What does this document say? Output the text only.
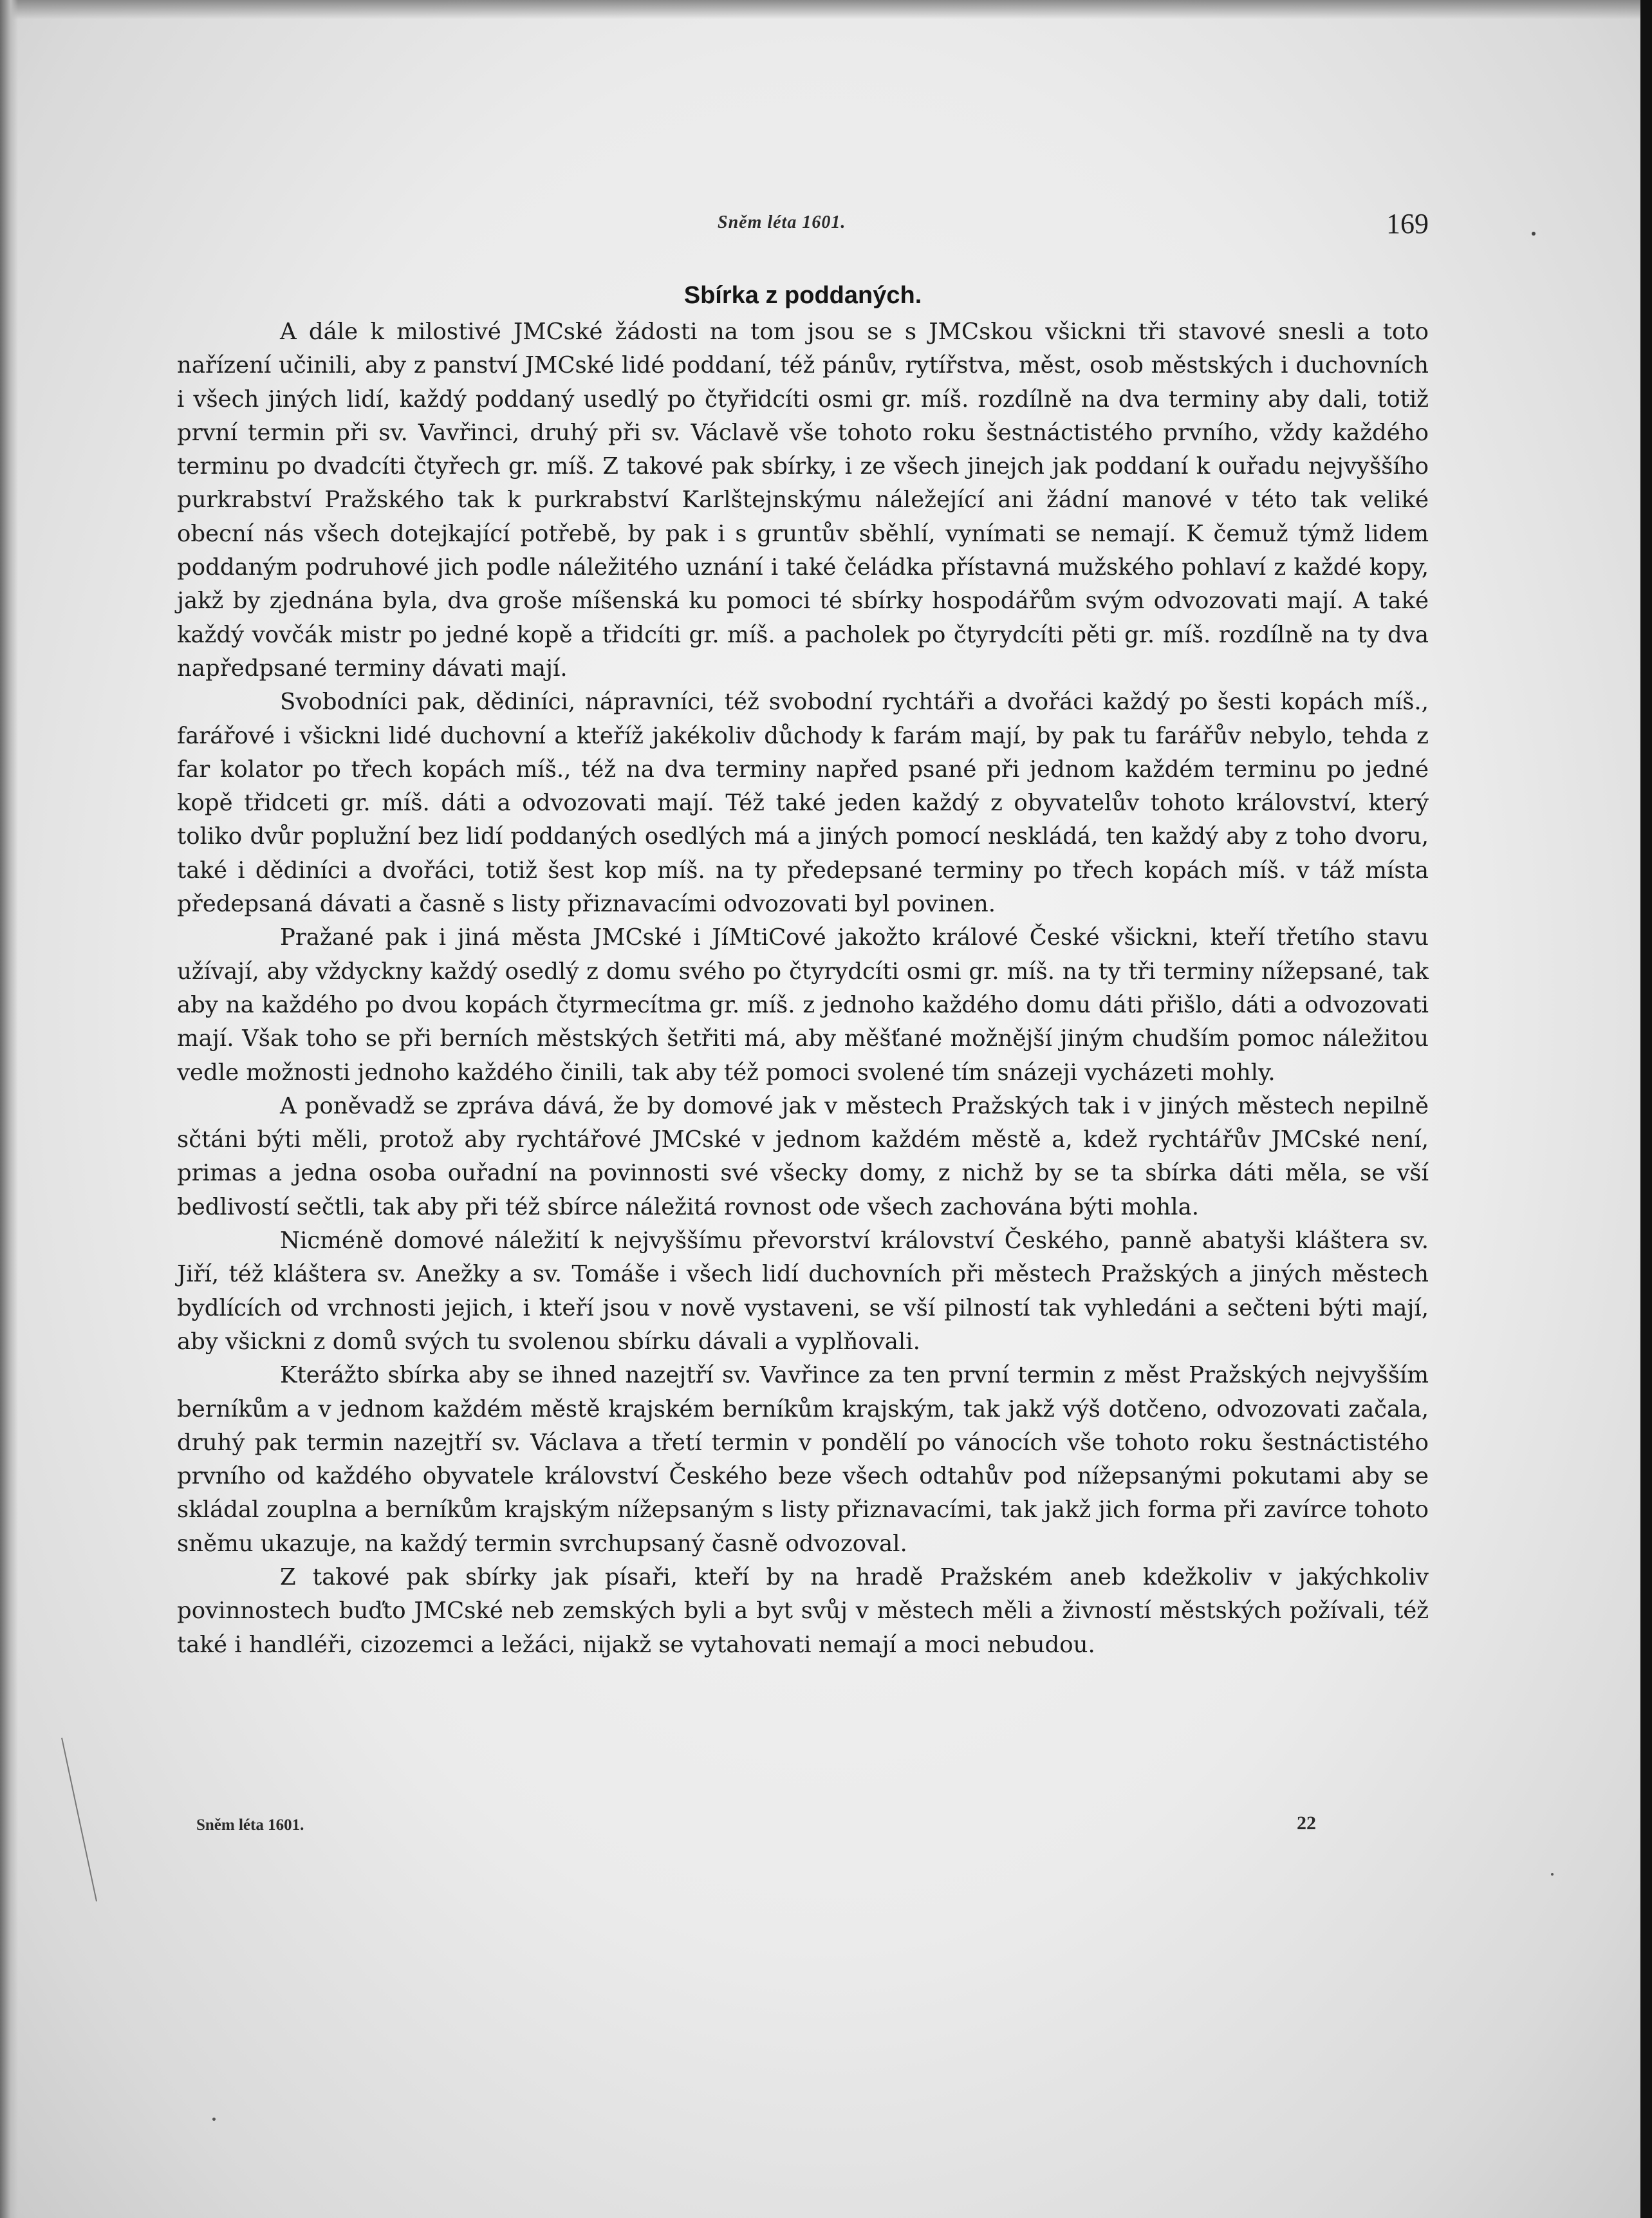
Sněm léta 1601.	169
Sbírka z poddaných.

A dále k milostivé JMCské žádosti na tom jsou se s JMCskou všickni tři stavové snesli a toto nařízení učinili, aby z panství JMCské lidé poddaní, též pánův, rytířstva, měst, osob městských i duchovních i všech jiných lidí, každý poddaný usedlý po čtyřidcíti osmi gr. míš. rozdílně na dva terminy aby dali, totiž první termin při sv. Vavřinci, druhý při sv. Václavě vše tohoto roku šestnáctistého prvního, vždy každého terminu po dvadcíti čtyřech gr. míš. Z takové pak sbírky, i ze všech jinejch jak poddaní k ouřadu nejvyššího purkrabství Pražského tak k purkrabství Karlštejnskýmu náležející ani žádní manové v této tak veliké obecní nás všech dotejkající potřebě, by pak i s gruntův sběhlí, vynímati se nemají. K čemuž týmž lidem poddaným podruhové jich podle náležitého uznání i také čeládka přístavná mužského pohlaví z každé kopy, jakž by zjednána byla, dva groše míšenská ku pomoci té sbírky hospodářům svým odvozovati mají. A také každý vovčák mistr po jedné kopě a třidcíti gr. míš. a pacholek po čtyrydcíti pěti gr. míš. rozdílně na ty dva napředpsané terminy dávati mají.

Svobodníci pak, dědiníci, nápravníci, též svobodní rychtáři a dvořáci každý po šesti kopách míš., farářové i všickni lidé duchovní a kteříž jakékoliv důchody k farám mají, by pak tu farářův nebylo, tehda z far kolator po třech kopách míš., též na dva terminy napřed psané při jednom každém terminu po jedné kopě třidceti gr. míš. dáti a odvozovati mají. Též také jeden každý z obyvatelův tohoto království, který toliko dvůr poplužní bez lidí poddaných osedlých má a jiných pomocí neskládá, ten každý aby z toho dvoru, také i dědiníci a dvořáci, totiž šest kop míš. na ty předepsané terminy po třech kopách míš. v táž místa předepsaná dávati a časně s listy přiznavacími odvozovati byl povinen.

Pražané pak i jiná města JMCské i JíMtiCové jakožto králové České všickni, kteří třetího stavu užívají, aby vždyckny každý osedlý z domu svého po čtyrydcíti osmi gr. míš. na ty tři terminy nížepsané, tak aby na každého po dvou kopách čtyrmecítma gr. míš. z jednoho každého domu dáti přišlo, dáti a odvozovati mají. Však toho se při berních městských šetřiti má, aby měšťané možnější jiným chudším pomoc náležitou vedle možnosti jednoho každého činili, tak aby též pomoci svolené tím snázeji vycházeti mohly.

A poněvadž se zpráva dává, že by domové jak v městech Pražských tak i v jiných městech nepilně sčtáni býti měli, protož aby rychtářové JMCské v jednom každém městě a, kdež rychtářův JMCské není, primas a jedna osoba ouřadní na povinnosti své všecky domy, z nichž by se ta sbírka dáti měla, se vší bedlivostí sečtli, tak aby při též sbírce náležitá rovnost ode všech zachována býti mohla.

Nicméně domové náležití k nejvyššímu převorství království Českého, panně abatyši kláštera sv. Jiří, též kláštera sv. Anežky a sv. Tomáše i všech lidí duchovních při městech Pražských a jiných městech bydlících od vrchnosti jejich, i kteří jsou v nově vystaveni, se vší pilností tak vyhledáni a sečteni býti mají, aby všickni z domů svých tu svolenou sbírku dávali a vyplňovali.

Kterážto sbírka aby se ihned nazejtří sv. Vavřince za ten první termin z měst Pražských nejvyšším berníkům a v jednom každém městě krajském berníkům krajským, tak jakž výš dotčeno, odvozovati začala, druhý pak termin nazejtří sv. Václava a třetí termin v pondělí po vánocích vše tohoto roku šestnáctistého prvního od každého obyvatele království Českého beze všech odtahův pod nížepsanými pokutami aby se skládal zouplna a berníkům krajským nížepsaným s listy přiznavacími, tak jakž jich forma při zavírce tohoto sněmu ukazuje, na každý termin svrchupsaný časně odvozoval.

Z takové pak sbírky jak písaři, kteří by na hradě Pražském aneb kdežkoliv v jakýchkoliv povinnostech buďto JMCské neb zemských byli a byt svůj v městech měli a živností městských požívali, též také i handléři, cizozemci a ležáci, nijakž se vytahovati nemají a moci nebudou.

Sněm léta 1601.	22
